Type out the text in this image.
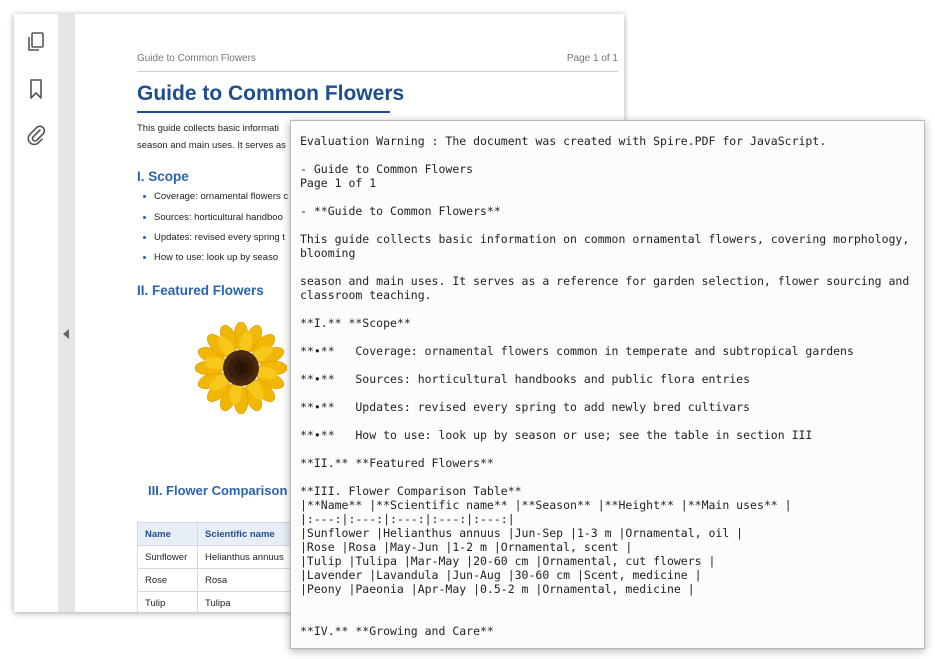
Guide to Common Flowers	Page 1 of 1
Guide to Common Flowers
This guide collects basic informati
season and main uses. It serves as
I. Scope
Coverage: ornamental flowers c
Sources: horticultural handboo
Updates: revised every spring t
How to use: look up by seaso
II. Featured Flowers
III. Flower Comparison
Name	Scientific name
Sunflower	Helianthus annuus
Rose	Rosa
Tulip	Tulipa
Evaluation Warning : The document was created with Spire.PDF for JavaScript.
- Guide to Common Flowers
Page 1 of 1
- **Guide to Common Flowers**
This guide collects basic information on common ornamental flowers, covering morphology,
blooming
season and main uses. It serves as a reference for garden selection, flower sourcing and
classroom teaching.
**I.** **Scope**
**•**   Coverage: ornamental flowers common in temperate and subtropical gardens
**•**   Sources: horticultural handbooks and public flora entries
**•**   Updates: revised every spring to add newly bred cultivars
**•**   How to use: look up by season or use; see the table in section III
**II.** **Featured Flowers**
**III. Flower Comparison Table**
|**Name** |**Scientific name** |**Season** |**Height** |**Main uses** |
|:---:|:---:|:---:|:---:|:---:|
|Sunflower |Helianthus annuus |Jun-Sep |1-3 m |Ornamental, oil |
|Rose |Rosa |May-Jun |1-2 m |Ornamental, scent |
|Tulip |Tulipa |Mar-May |20-60 cm |Ornamental, cut flowers |
|Lavender |Lavandula |Jun-Aug |30-60 cm |Scent, medicine |
|Peony |Paeonia |Apr-May |0.5-2 m |Ornamental, medicine |
**IV.** **Growing and Care**
